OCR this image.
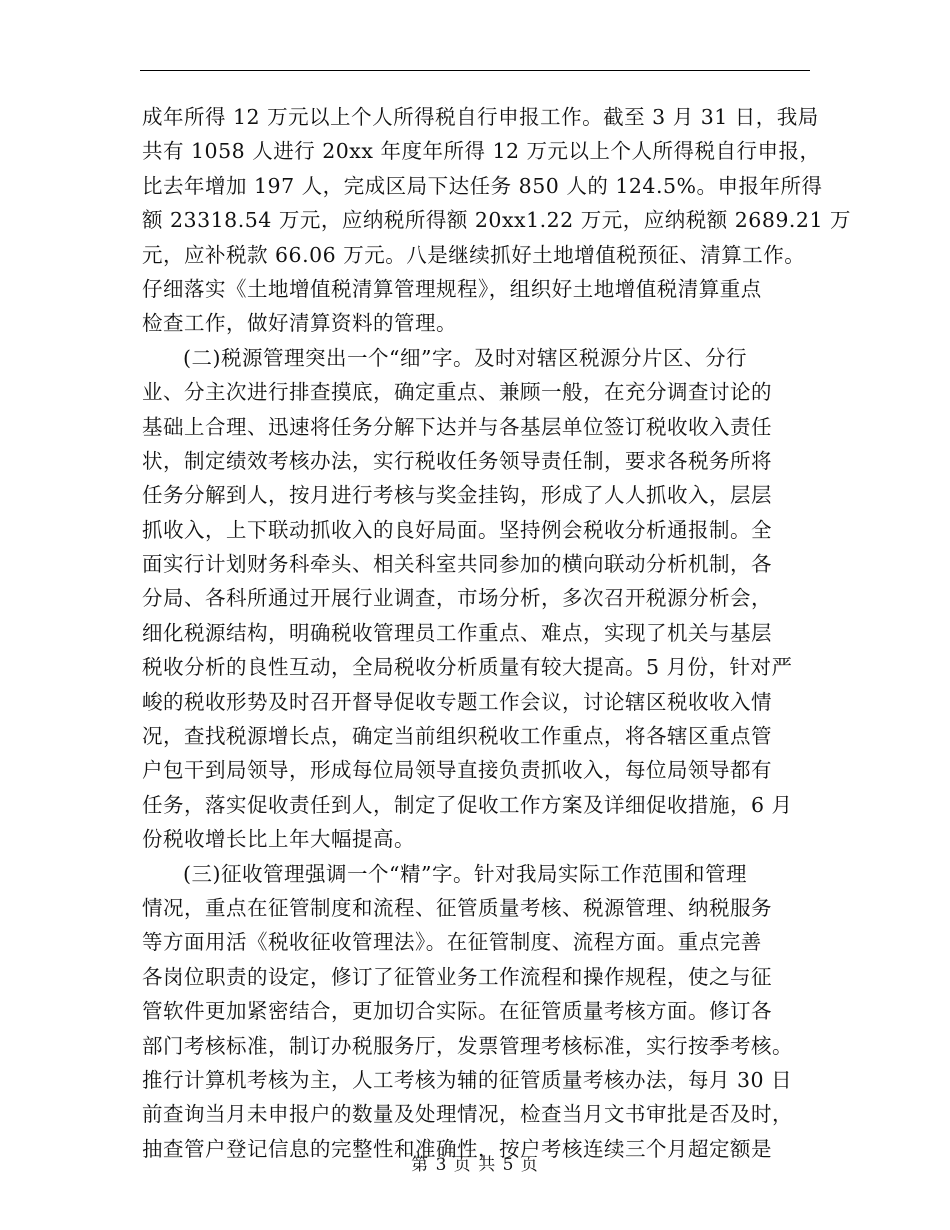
成年所得 12 万元以上个人所得税自行申报工作。截至 3 月 31 日，我局
共有 1058 人进行 20xx 年度年所得 12 万元以上个人所得税自行申报，
比去年增加 197 人，完成区局下达任务 850 人的 124.5%。申报年所得
额 23318.54 万元，应纳税所得额 20xx1.22 万元，应纳税额 2689.21 万
元，应补税款 66.06 万元。八是继续抓好土地增值税预征、清算工作。
仔细落实《土地增值税清算管理规程》，组织好土地增值税清算重点
检查工作，做好清算资料的管理。
(二)税源管理突出一个“细”字。及时对辖区税源分片区、分行
业、分主次进行排查摸底，确定重点、兼顾一般，在充分调查讨论的
基础上合理、迅速将任务分解下达并与各基层单位签订税收收入责任
状，制定绩效考核办法，实行税收任务领导责任制，要求各税务所将
任务分解到人，按月进行考核与奖金挂钩，形成了人人抓收入，层层
抓收入，上下联动抓收入的良好局面。坚持例会税收分析通报制。全
面实行计划财务科牵头、相关科室共同参加的横向联动分析机制，各
分局、各科所通过开展行业调查，市场分析，多次召开税源分析会，
细化税源结构，明确税收管理员工作重点、难点，实现了机关与基层
税收分析的良性互动，全局税收分析质量有较大提高。5 月份，针对严
峻的税收形势及时召开督导促收专题工作会议，讨论辖区税收收入情
况，查找税源增长点，确定当前组织税收工作重点，将各辖区重点管
户包干到局领导，形成每位局领导直接负责抓收入，每位局领导都有
任务，落实促收责任到人，制定了促收工作方案及详细促收措施，6 月
份税收增长比上年大幅提高。
(三)征收管理强调一个“精”字。针对我局实际工作范围和管理
情况，重点在征管制度和流程、征管质量考核、税源管理、纳税服务
等方面用活《税收征收管理法》。在征管制度、流程方面。重点完善
各岗位职责的设定，修订了征管业务工作流程和操作规程，使之与征
管软件更加紧密结合，更加切合实际。在征管质量考核方面。修订各
部门考核标准，制订办税服务厅，发票管理考核标准，实行按季考核。
推行计算机考核为主，人工考核为辅的征管质量考核办法，每月 30 日
前查询当月未申报户的数量及处理情况，检查当月文书审批是否及时，
抽查管户登记信息的完整性和准确性，按户考核连续三个月超定额是
第 3 页 共 5 页
